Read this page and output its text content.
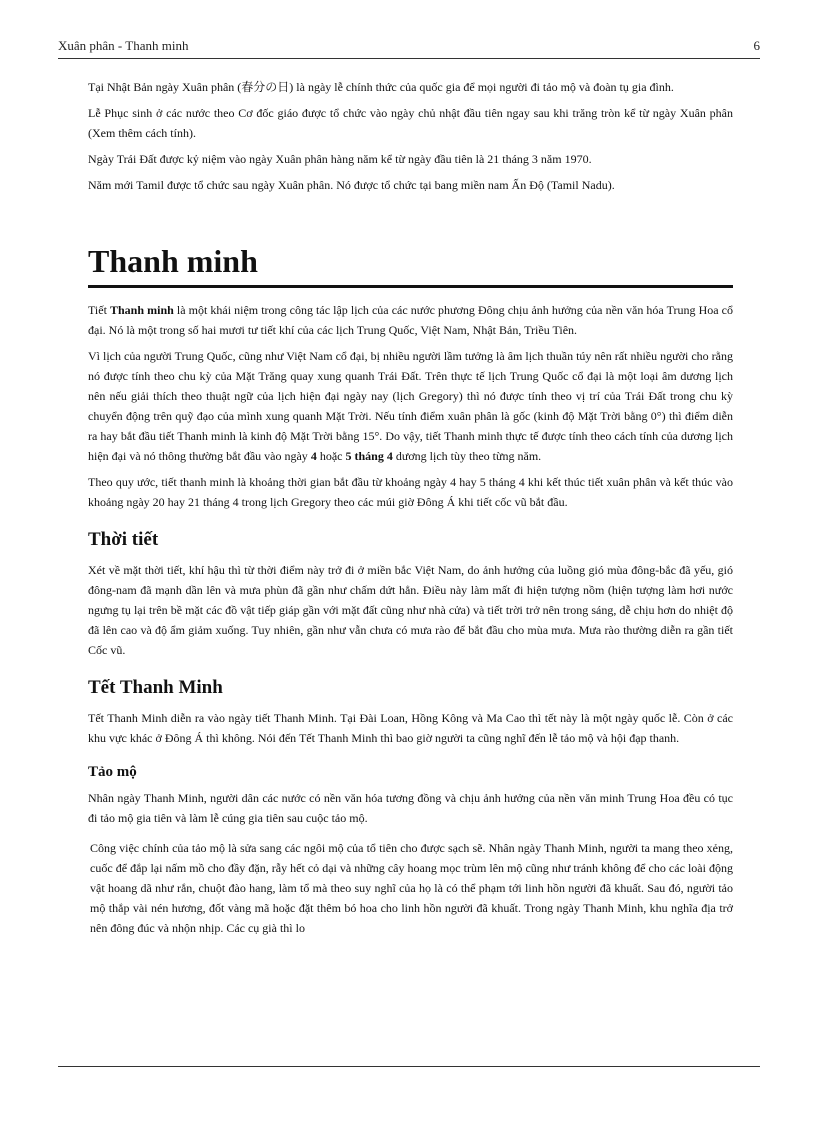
Xuân phân - Thanh minh	6

Tại Nhật Bản ngày Xuân phân (春分の日) là ngày lễ chính thức của quốc gia để mọi người đi tảo mộ và đoàn tụ gia đình.

Lễ Phục sinh ở các nước theo Cơ đốc giáo được tổ chức vào ngày chủ nhật đầu tiên ngay sau khi trăng tròn kể từ ngày Xuân phân (Xem thêm cách tính).

Ngày Trái Đất được kỷ niệm vào ngày Xuân phân hàng năm kể từ ngày đầu tiên là 21 tháng 3 năm 1970.

Năm mới Tamil được tổ chức sau ngày Xuân phân. Nó được tổ chức tại bang miền nam Ấn Độ (Tamil Nadu).

Thanh minh

Tiết Thanh minh là một khái niệm trong công tác lập lịch của các nước phương Đông chịu ảnh hưởng của nền văn hóa Trung Hoa cổ đại. Nó là một trong số hai mươi tư tiết khí của các lịch Trung Quốc, Việt Nam, Nhật Bản, Triều Tiên.

Vì lịch của người Trung Quốc, cũng như Việt Nam cổ đại, bị nhiều người lầm tưởng là âm lịch thuần túy nên rất nhiều người cho rằng nó được tính theo chu kỳ của Mặt Trăng quay xung quanh Trái Đất. Trên thực tế lịch Trung Quốc cổ đại là một loại âm dương lịch nên nếu giải thích theo thuật ngữ của lịch hiện đại ngày nay (lịch Gregory) thì nó được tính theo vị trí của Trái Đất trong chu kỳ chuyển động trên quỹ đạo của mình xung quanh Mặt Trời. Nếu tính điểm xuân phân là gốc (kinh độ Mặt Trời bằng 0°) thì điểm diễn ra hay bắt đầu tiết Thanh minh là kinh độ Mặt Trời bằng 15°. Do vậy, tiết Thanh minh thực tế được tính theo cách tính của dương lịch hiện đại và nó thông thường bắt đầu vào ngày 4 hoặc 5 tháng 4 dương lịch tùy theo từng năm.

Theo quy ước, tiết thanh minh là khoảng thời gian bắt đầu từ khoảng ngày 4 hay 5 tháng 4 khi kết thúc tiết xuân phân và kết thúc vào khoảng ngày 20 hay 21 tháng 4 trong lịch Gregory theo các múi giờ Đông Á khi tiết cốc vũ bắt đầu.

Thời tiết

Xét về mặt thời tiết, khí hậu thì từ thời điểm này trở đi ở miền bắc Việt Nam, do ảnh hưởng của luồng gió mùa đông-bắc đã yếu, gió đông-nam đã mạnh dần lên và mưa phùn đã gần như chấm dứt hẳn. Điều này làm mất đi hiện tượng nồm (hiện tượng làm hơi nước ngưng tụ lại trên bề mặt các đồ vật tiếp giáp gần với mặt đất cũng như nhà cửa) và tiết trời trở nên trong sáng, dễ chịu hơn do nhiệt độ đã lên cao và độ ẩm giảm xuống. Tuy nhiên, gần như vẫn chưa có mưa rào để bắt đầu cho mùa mưa. Mưa rào thường diễn ra gần tiết Cốc vũ.

Tết Thanh Minh

Tết Thanh Minh diễn ra vào ngày tiết Thanh Minh. Tại Đài Loan, Hồng Kông và Ma Cao thì tết này là một ngày quốc lễ. Còn ở các khu vực khác ở Đông Á thì không. Nói đến Tết Thanh Minh thì bao giờ người ta cũng nghĩ đến lễ tảo mộ và hội đạp thanh.

Tảo mộ

Nhân ngày Thanh Minh, người dân các nước có nền văn hóa tương đồng và chịu ảnh hưởng của nền văn minh Trung Hoa đều có tục đi tảo mộ gia tiên và làm lễ cúng gia tiên sau cuộc tảo mộ.

Công việc chính của tảo mộ là sửa sang các ngôi mộ của tổ tiên cho được sạch sẽ. Nhân ngày Thanh Minh, người ta mang theo xẻng, cuốc để đắp lại nấm mồ cho đầy đặn, rẫy hết cỏ dại và những cây hoang mọc trùm lên mộ cũng như tránh không để cho các loài động vật hoang dã như rắn, chuột đào hang, làm tổ mà theo suy nghĩ của họ là có thể phạm tới linh hồn người đã khuất. Sau đó, người tảo mộ thắp vài nén hương, đốt vàng mã hoặc đặt thêm bó hoa cho linh hồn người đã khuất. Trong ngày Thanh Minh, khu nghĩa địa trở nên đông đúc và nhộn nhịp. Các cụ già thì lo
